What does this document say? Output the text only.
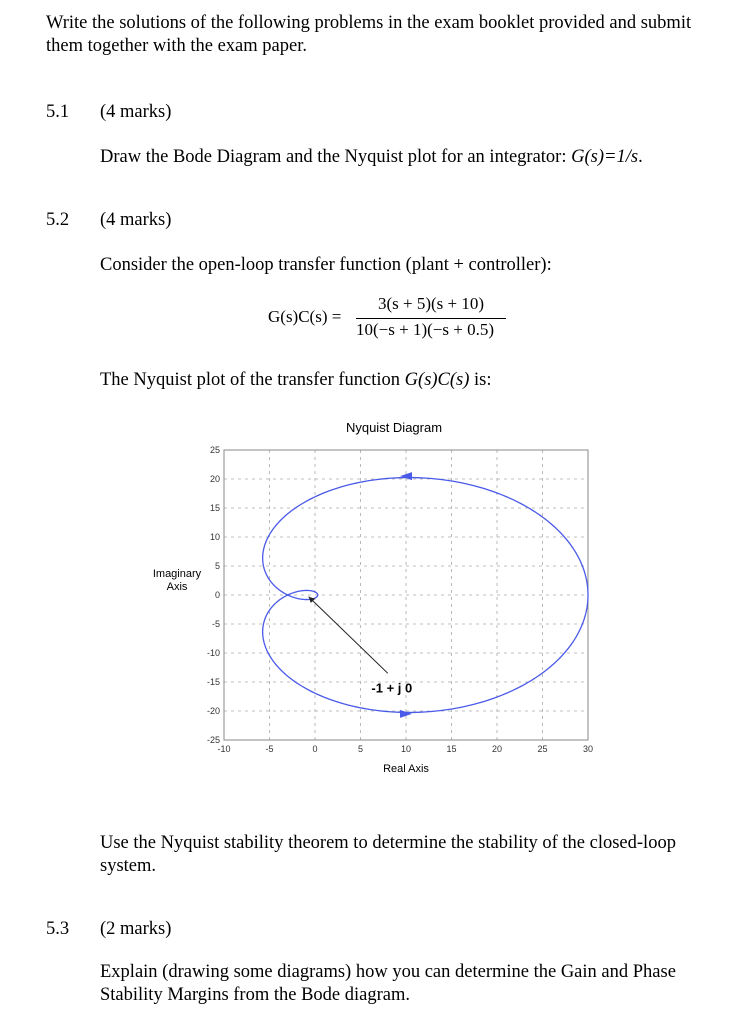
Write the solutions of the following problems in the exam booklet provided and submit them together with the exam paper.
5.1 (4 marks)
Draw the Bode Diagram and the Nyquist plot for an integrator: G(s)=1/s.
5.2 (4 marks)
Consider the open-loop transfer function (plant + controller):
G(s)C(s) =
3(s + 5)(s + 10)
10(−s + 1)(−s + 0.5)
The Nyquist plot of the transfer function G(s)C(s) is:
Nyquist Diagram
-10	-5	0	5	10	15	20	25	30
25
20
15
10
5
0
-5
-10
-15
-20
-25
-1 + j 0
Imaginary
Axis
Real Axis
Use the Nyquist stability theorem to determine the stability of the closed-loop system.
5.3 (2 marks)
Explain (drawing some diagrams) how you can determine the Gain and Phase Stability Margins from the Bode diagram.
